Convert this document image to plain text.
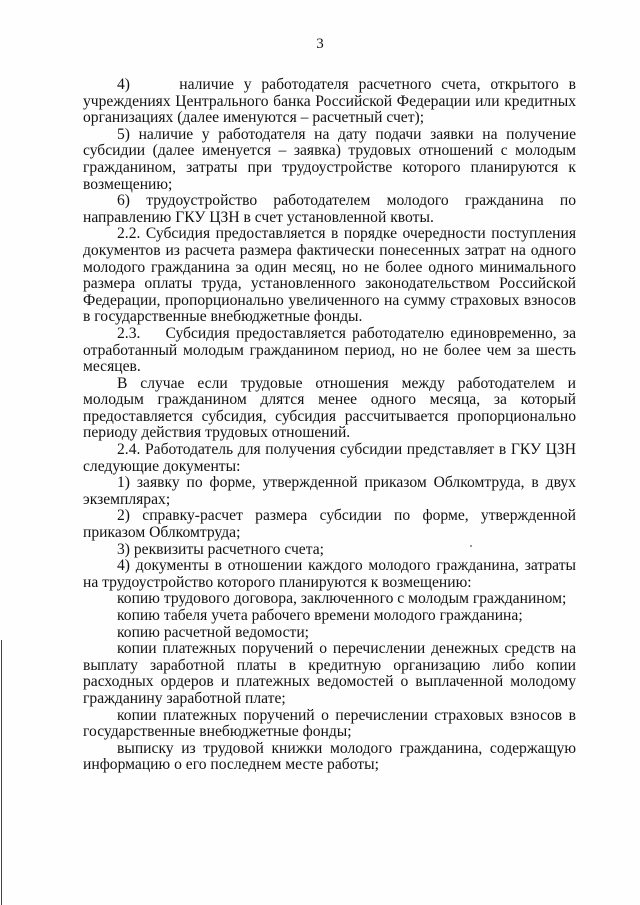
3

4)     наличие у работодателя расчетного счета, открытого в учреждениях Центрального банка Российской Федерации или кредитных организациях (далее именуются – расчетный счет);

5) наличие у работодателя на дату подачи заявки на получение субсидии (далее именуется – заявка) трудовых отношений с молодым гражданином, затраты при трудоустройстве которого планируются к возмещению;

6) трудоустройство работодателем молодого гражданина по направлению ГКУ ЦЗН в счет установленной квоты.

2.2. Субсидия предоставляется в порядке очередности поступления документов из расчета размера фактически понесенных затрат на одного молодого гражданина за один месяц, но не более одного минимального размера оплаты труда, установленного законодательством Российской Федерации, пропорционально увеличенного на сумму страховых взносов в государственные внебюджетные фонды.

2.3.    Субсидия предоставляется работодателю единовременно, за отработанный молодым гражданином период, но не более чем за шесть месяцев.

В случае если трудовые отношения между работодателем и молодым гражданином длятся менее одного месяца, за который предоставляется субсидия, субсидия рассчитывается пропорционально периоду действия трудовых отношений.

2.4. Работодатель для получения субсидии представляет в ГКУ ЦЗН следующие документы:

1) заявку по форме, утвержденной приказом Облкомтруда, в двух экземплярах;

2) справку-расчет размера субсидии по форме, утвержденной приказом Облкомтруда;

3) реквизиты расчетного счета;

4) документы в отношении каждого молодого гражданина, затраты на трудоустройство которого планируются к возмещению:

копию трудового договора, заключенного с молодым гражданином;

копию табеля учета рабочего времени молодого гражданина;

копию расчетной ведомости;

копии платежных поручений о перечислении денежных средств на выплату заработной платы в кредитную организацию либо копии расходных ордеров и платежных ведомостей о выплаченной молодому гражданину заработной плате;

копии платежных поручений о перечислении страховых взносов в государственные внебюджетные фонды;

выписку из трудовой книжки молодого гражданина, содержащую информацию о его последнем месте работы;
